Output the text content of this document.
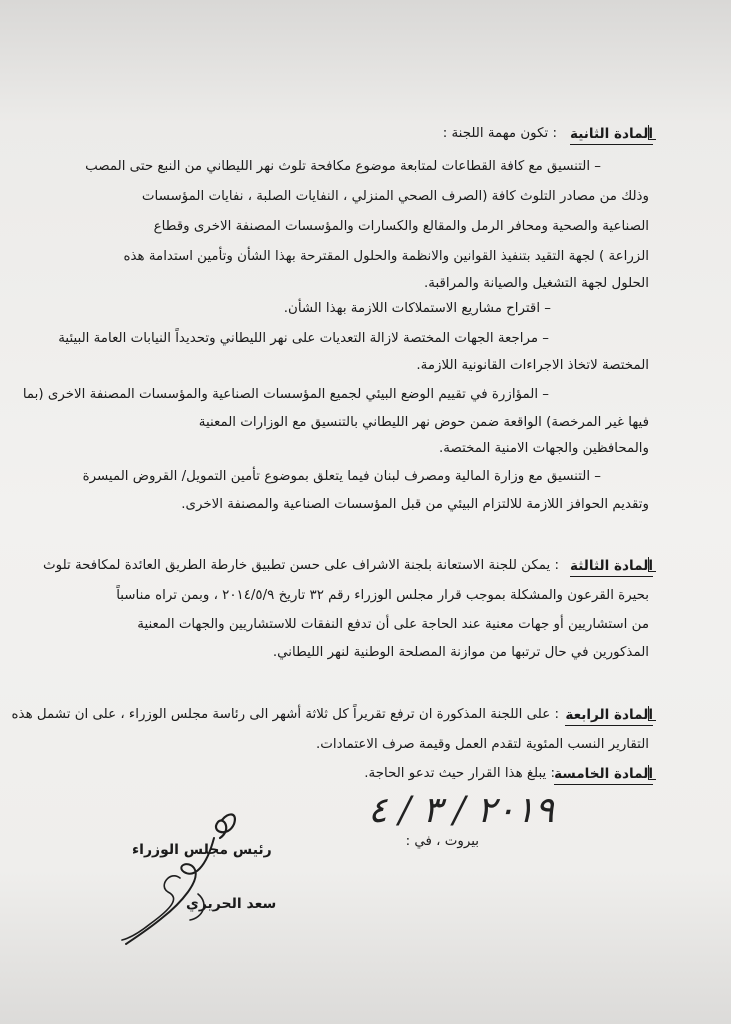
المادة الثانية
: تكون مهمة اللجنة :
– التنسيق مع كافة القطاعات لمتابعة موضوع مكافحة تلوث نهر الليطاني من النبع حتى المصب
وذلك من مصادر التلوث كافة (الصرف الصحي المنزلي ، النفايات الصلبة ، نفايات المؤسسات
الصناعية والصحية ومحافر الرمل والمقالع والكسارات والمؤسسات المصنفة الاخرى وقطاع
الزراعة ) لجهة التقيد بتنفيذ القوانين والانظمة والحلول المقترحة بهذا الشأن وتأمين استدامة هذه
الحلول لجهة التشغيل والصيانة والمراقبة.
– اقتراح مشاريع الاستملاكات اللازمة بهذا الشأن.
– مراجعة الجهات المختصة لازالة التعديات على نهر الليطاني وتحديداً النيابات العامة البيئية
المختصة لاتخاذ الاجراءات القانونية اللازمة.
– المؤازرة في تقييم الوضع البيئي لجميع المؤسسات الصناعية والمؤسسات المصنفة الاخرى (بما
فيها غير المرخصة) الواقعة ضمن حوض نهر الليطاني بالتنسيق مع الوزارات المعنية
والمحافظين والجهات الامنية المختصة.
– التنسيق مع وزارة المالية ومصرف لبنان فيما يتعلق بموضوع تأمين التمويل/ القروض الميسرة
وتقديم الحوافز اللازمة للالتزام البيئي من قبل المؤسسات الصناعية والمصنفة الاخرى.
المادة الثالثة
: يمكن للجنة الاستعانة بلجنة الاشراف على حسن تطبيق خارطة الطريق العائدة لمكافحة تلوث
بحيرة القرعون والمشكلة بموجب قرار مجلس الوزراء رقم ٣٢ تاريخ ٢٠١٤/٥/٩ ، وبمن تراه مناسباً
من استشاريين أو جهات معنية عند الحاجة على أن تدفع النفقات للاستشاريين والجهات المعنية
المذكورين في حال ترتبها من موازنة المصلحة الوطنية لنهر الليطاني.
المادة الرابعة
: على اللجنة المذكورة ان ترفع تقريراً كل ثلاثة أشهر الى رئاسة مجلس الوزراء ، على ان تشمل هذه
التقارير النسب المئوية لتقدم العمل وقيمة صرف الاعتمادات.
المادة الخامسة
: يبلغ هذا القرار حيث تدعو الحاجة.
٢٠١٩ / ٣ / ٤
بيروت ، في :
رئيس مجلس الوزراء
سعد الحريري
